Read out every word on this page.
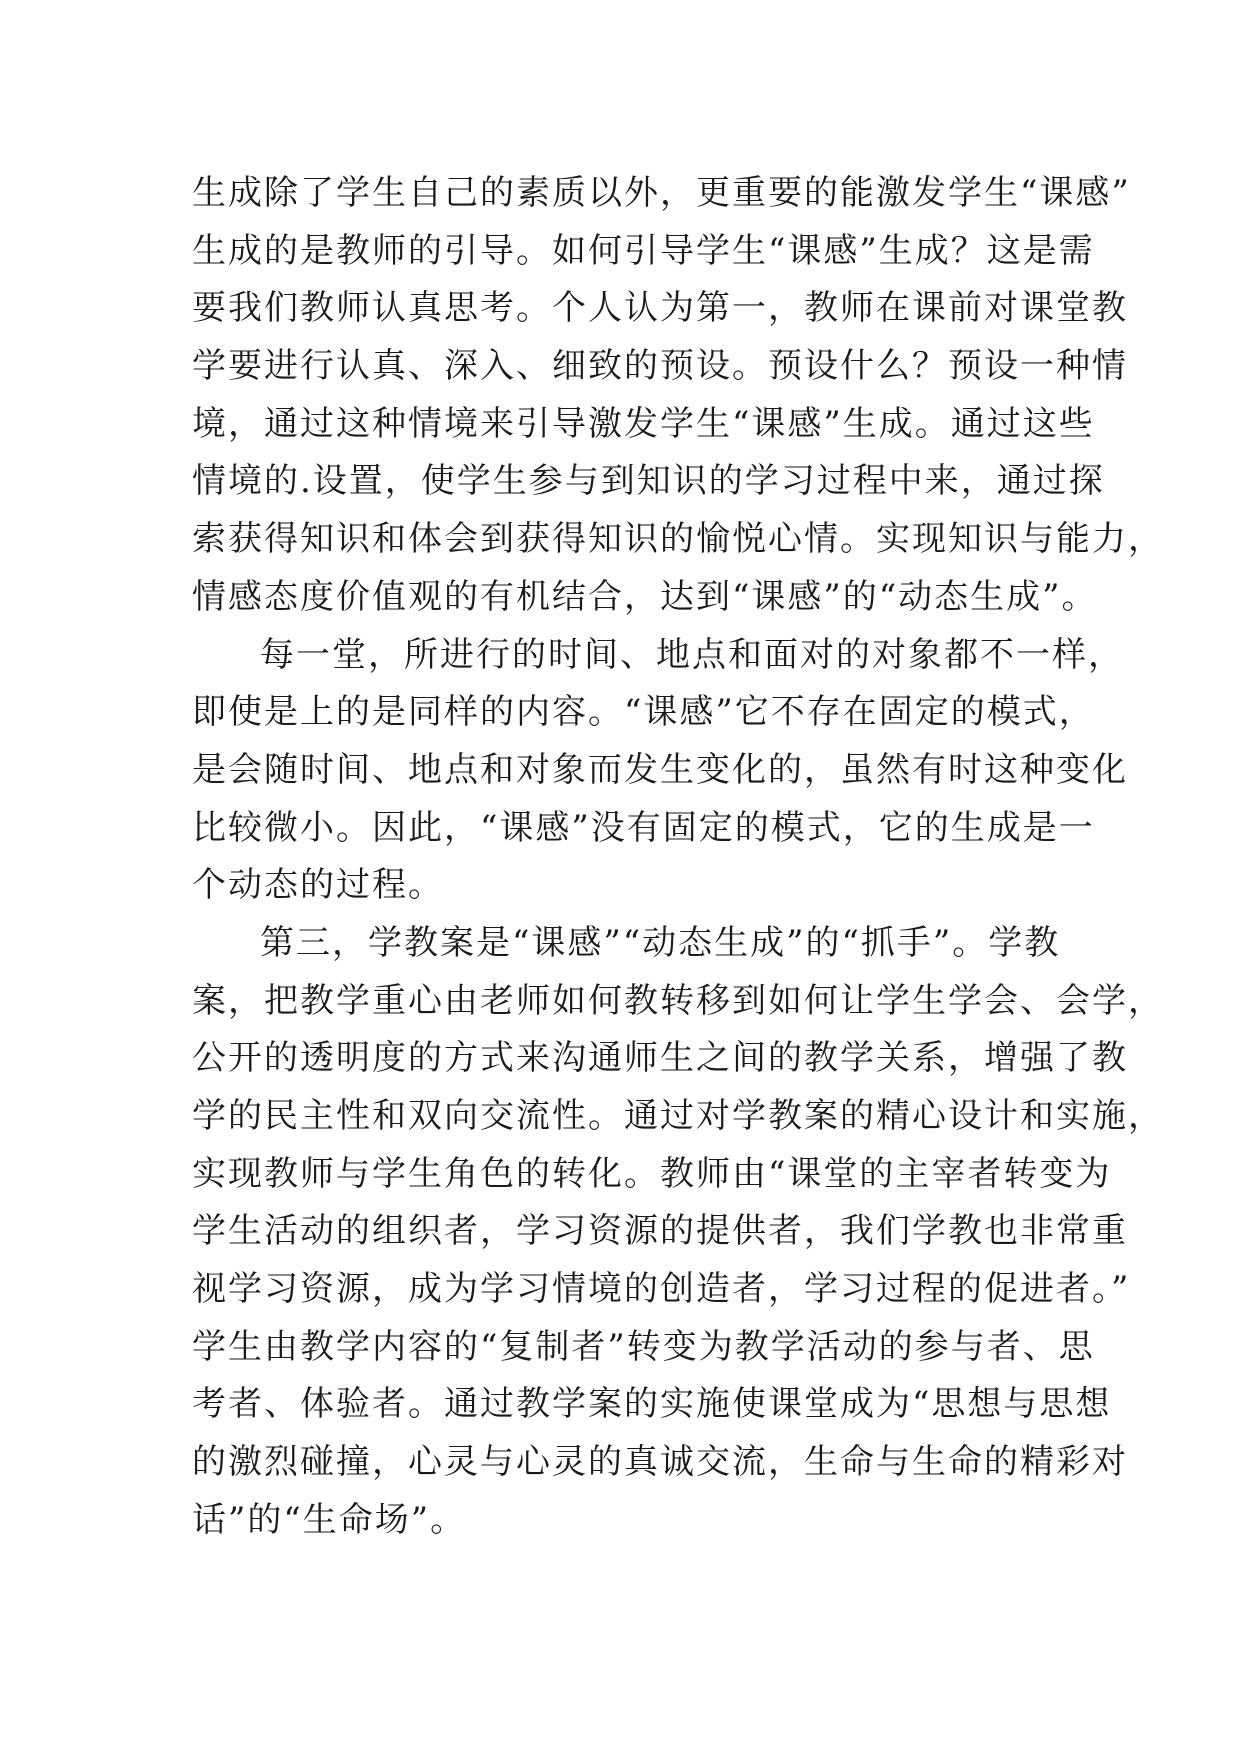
生成除了学生自己的素质以外，更重要的能激发学生“课感”
生成的是教师的引导。如何引导学生“课感”生成？这是需
要我们教师认真思考。个人认为第一，教师在课前对课堂教
学要进行认真、深入、细致的预设。预设什么？预设一种情
境，通过这种情境来引导激发学生“课感”生成。通过这些
情境的.设置，使学生参与到知识的学习过程中来，通过探
索获得知识和体会到获得知识的愉悦心情。实现知识与能力，
情感态度价值观的有机结合，达到“课感”的“动态生成”。
每一堂，所进行的时间、地点和面对的对象都不一样，
即使是上的是同样的内容。“课感”它不存在固定的模式，
是会随时间、地点和对象而发生变化的，虽然有时这种变化
比较微小。因此，“课感”没有固定的模式，它的生成是一
个动态的过程。
第三，学教案是“课感”“动态生成”的“抓手”。学教
案，把教学重心由老师如何教转移到如何让学生学会、会学，
公开的透明度的方式来沟通师生之间的教学关系，增强了教
学的民主性和双向交流性。通过对学教案的精心设计和实施，
实现教师与学生角色的转化。教师由“课堂的主宰者转变为
学生活动的组织者，学习资源的提供者，我们学教也非常重
视学习资源，成为学习情境的创造者，学习过程的促进者。”
学生由教学内容的“复制者”转变为教学活动的参与者、思
考者、体验者。通过教学案的实施使课堂成为“思想与思想
的激烈碰撞，心灵与心灵的真诚交流，生命与生命的精彩对
话”的“生命场”。
